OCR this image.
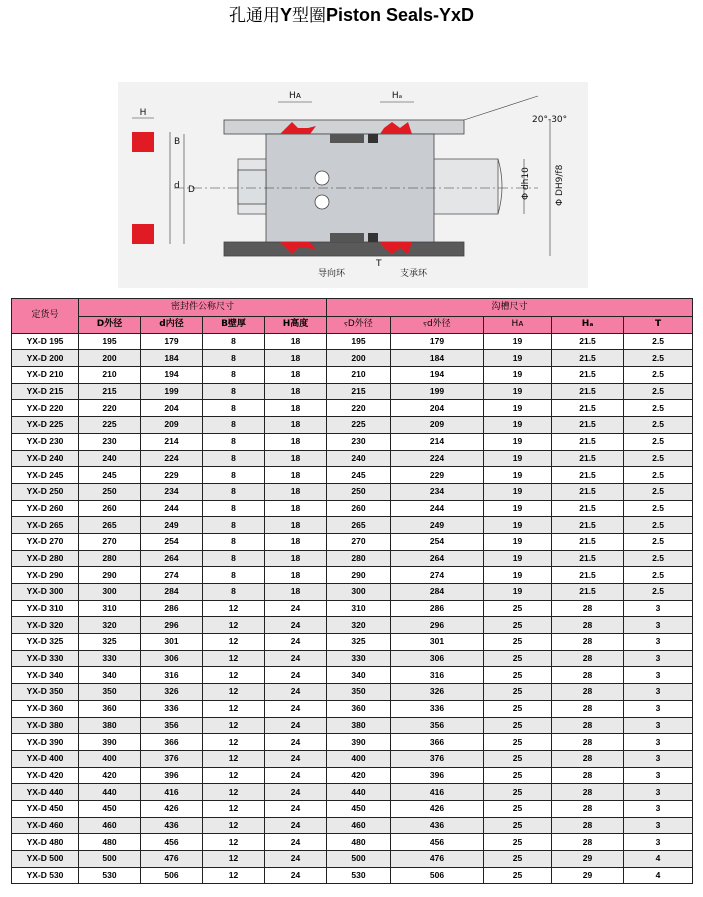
孔通用Y型圈Piston Seals-YxD
H
B
d D
Hᴀ	Hₐ
20°-30°
Φ dh10	Φ DH9/f8
导向环
T
支承环
定货号	密封件公称尺寸				沟槽尺寸				
	D外径	d内径	B壁厚	H高度	ⲋD外径	ⲋd外径	Hᴀ	Hₐ	T
YX-D 195	195	179	8	18	195	179	19	21.5	2.5
YX-D 200	200	184	8	18	200	184	19	21.5	2.5
YX-D 210	210	194	8	18	210	194	19	21.5	2.5
YX-D 215	215	199	8	18	215	199	19	21.5	2.5
YX-D 220	220	204	8	18	220	204	19	21.5	2.5
YX-D 225	225	209	8	18	225	209	19	21.5	2.5
YX-D 230	230	214	8	18	230	214	19	21.5	2.5
YX-D 240	240	224	8	18	240	224	19	21.5	2.5
YX-D 245	245	229	8	18	245	229	19	21.5	2.5
YX-D 250	250	234	8	18	250	234	19	21.5	2.5
YX-D 260	260	244	8	18	260	244	19	21.5	2.5
YX-D 265	265	249	8	18	265	249	19	21.5	2.5
YX-D 270	270	254	8	18	270	254	19	21.5	2.5
YX-D 280	280	264	8	18	280	264	19	21.5	2.5
YX-D 290	290	274	8	18	290	274	19	21.5	2.5
YX-D 300	300	284	8	18	300	284	19	21.5	2.5
YX-D 310	310	286	12	24	310	286	25	28	3
YX-D 320	320	296	12	24	320	296	25	28	3
YX-D 325	325	301	12	24	325	301	25	28	3
YX-D 330	330	306	12	24	330	306	25	28	3
YX-D 340	340	316	12	24	340	316	25	28	3
YX-D 350	350	326	12	24	350	326	25	28	3
YX-D 360	360	336	12	24	360	336	25	28	3
YX-D 380	380	356	12	24	380	356	25	28	3
YX-D 390	390	366	12	24	390	366	25	28	3
YX-D 400	400	376	12	24	400	376	25	28	3
YX-D 420	420	396	12	24	420	396	25	28	3
YX-D 440	440	416	12	24	440	416	25	28	3
YX-D 450	450	426	12	24	450	426	25	28	3
YX-D 460	460	436	12	24	460	436	25	28	3
YX-D 480	480	456	12	24	480	456	25	28	3
YX-D 500	500	476	12	24	500	476	25	29	4
YX-D 530	530	506	12	24	530	506	25	29	4
